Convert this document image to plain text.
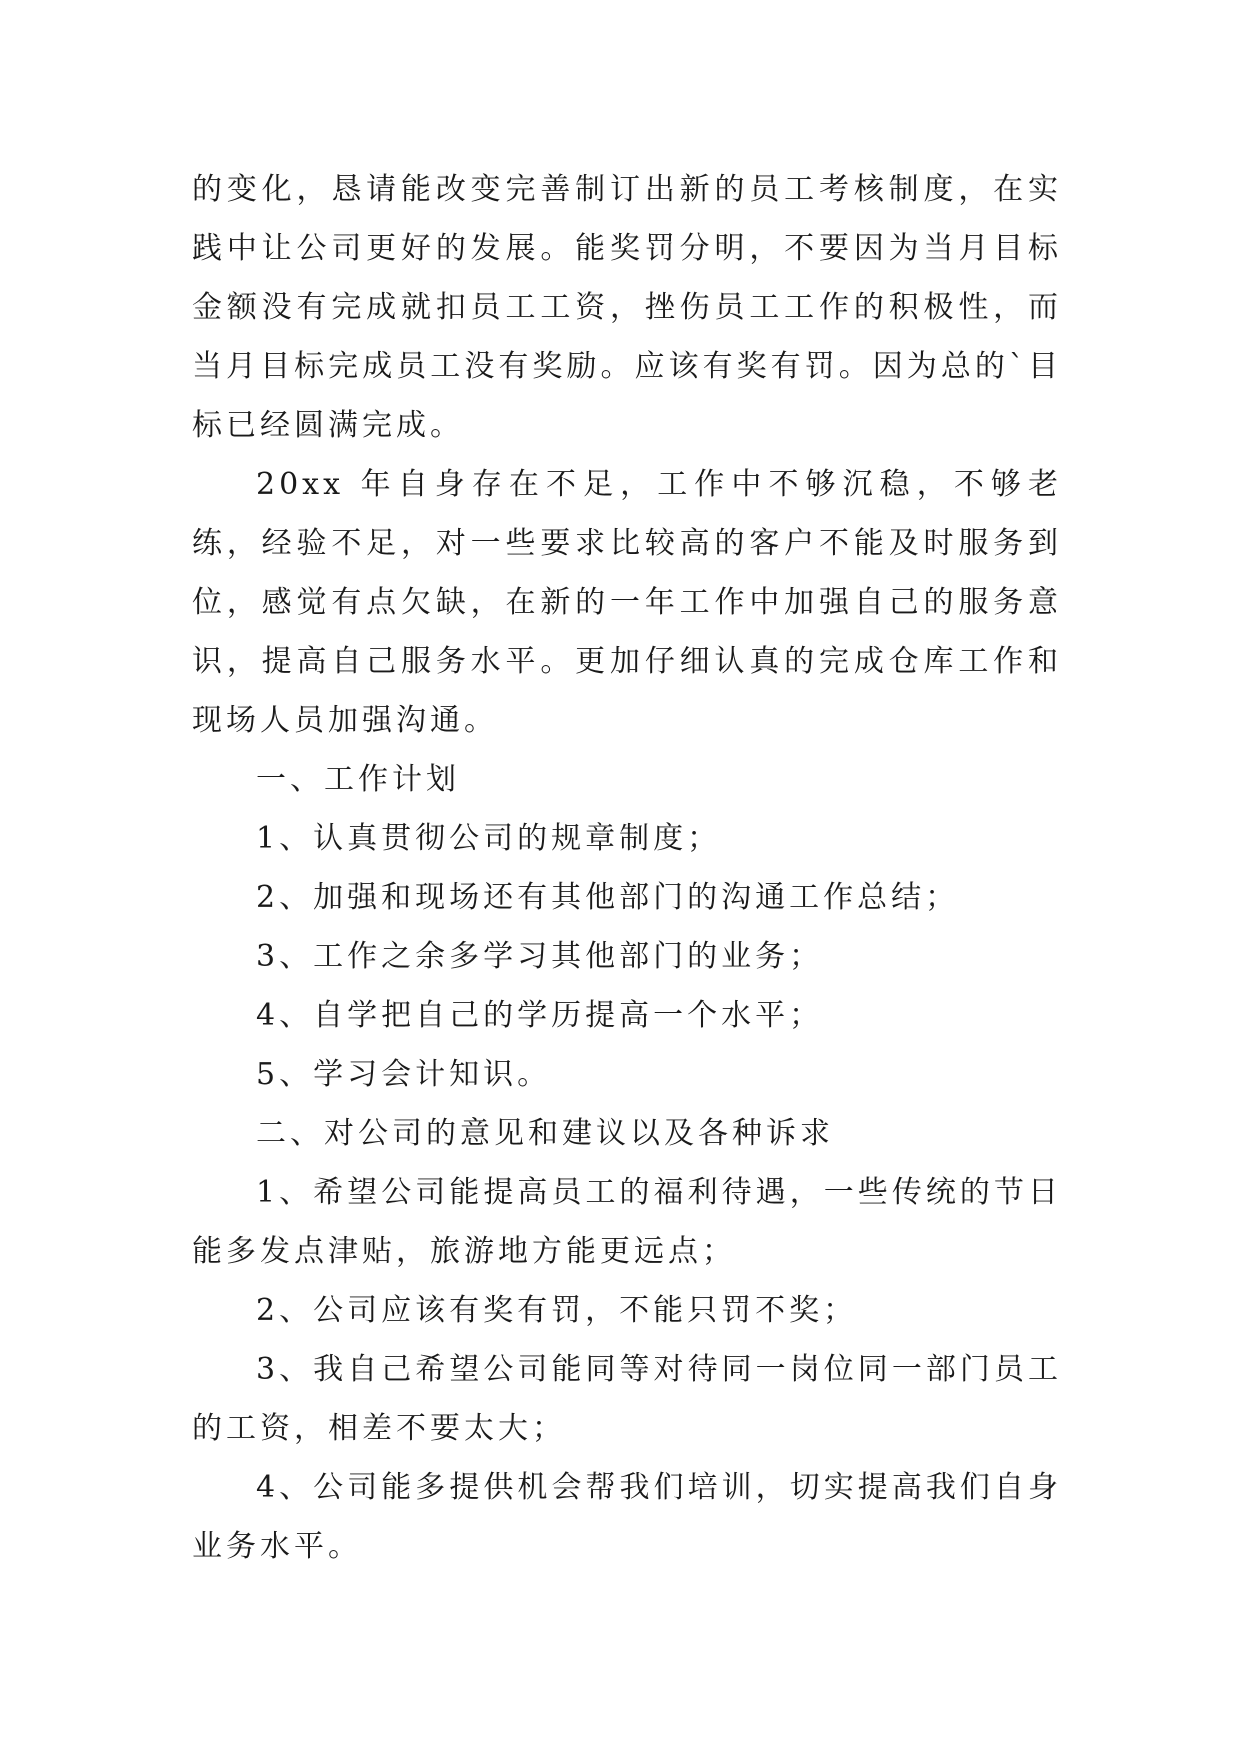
的变化，恳请能改变完善制订出新的员工考核制度，在实践中让公司更好的发展。能奖罚分明，不要因为当月目标金额没有完成就扣员工工资，挫伤员工工作的积极性，而当月目标完成员工没有奖励。应该有奖有罚。因为总的`目标已经圆满完成。

20xx 年自身存在不足，工作中不够沉稳，不够老练，经验不足，对一些要求比较高的客户不能及时服务到位，感觉有点欠缺，在新的一年工作中加强自己的服务意识，提高自己服务水平。更加仔细认真的完成仓库工作和现场人员加强沟通。

一、工作计划

1、认真贯彻公司的规章制度；

2、加强和现场还有其他部门的沟通工作总结；

3、工作之余多学习其他部门的业务；

4、自学把自己的学历提高一个水平；

5、学习会计知识。

二、对公司的意见和建议以及各种诉求

1、希望公司能提高员工的福利待遇，一些传统的节日能多发点津贴，旅游地方能更远点；

2、公司应该有奖有罚，不能只罚不奖；

3、我自己希望公司能同等对待同一岗位同一部门员工的工资，相差不要太大；

4、公司能多提供机会帮我们培训，切实提高我们自身业务水平。
